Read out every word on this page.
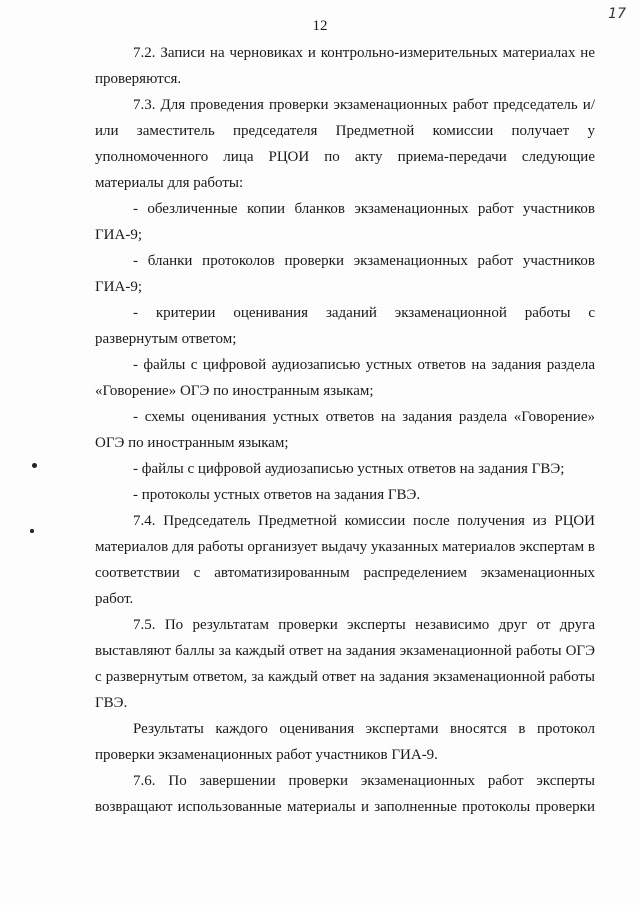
12
17

7.2. Записи на черновиках и контрольно-измерительных материалах не проверяются.

7.3. Для проведения проверки экзаменационных работ председатель и/или заместитель председателя Предметной комиссии получает у уполномоченного лица РЦОИ по акту приема-передачи следующие материалы для работы:

- обезличенные копии бланков экзаменационных работ участников ГИА-9;

- бланки протоколов проверки экзаменационных работ участников ГИА-9;

- критерии оценивания заданий экзаменационной работы с развернутым ответом;

- файлы с цифровой аудиозаписью устных ответов на задания раздела «Говорение» ОГЭ по иностранным языкам;

- схемы оценивания устных ответов на задания раздела «Говорение» ОГЭ по иностранным языкам;

- файлы с цифровой аудиозаписью устных ответов на задания ГВЭ;

- протоколы устных ответов на задания ГВЭ.

7.4. Председатель Предметной комиссии после получения из РЦОИ материалов для работы организует выдачу указанных материалов экспертам в соответствии с автоматизированным распределением экзаменационных работ.

7.5. По результатам проверки эксперты независимо друг от друга выставляют баллы за каждый ответ на задания экзаменационной работы ОГЭ с развернутым ответом, за каждый ответ на задания экзаменационной работы ГВЭ.

Результаты каждого оценивания экспертами вносятся в протокол проверки экзаменационных работ участников ГИА-9.

7.6. По завершении проверки экзаменационных работ эксперты возвращают использованные материалы и заполненные протоколы проверки
